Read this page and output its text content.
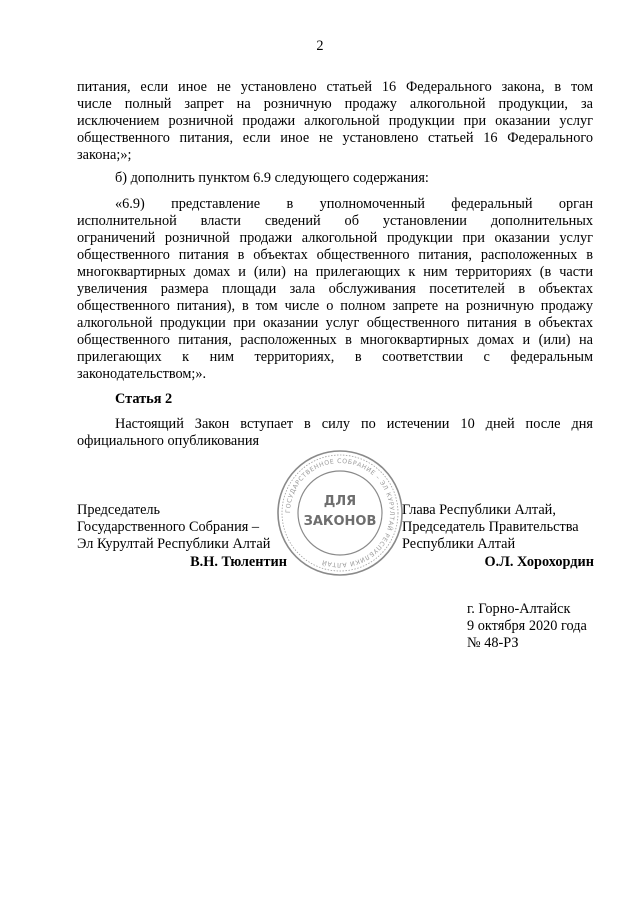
2
питания, если иное не установлено статьей 16 Федерального закона, в том
числе полный запрет на розничную продажу алкогольной продукции, за
исключением розничной продажи алкогольной продукции при оказании услуг
общественного питания, если иное не установлено статьей 16 Федерального
закона;»;
б) дополнить пунктом 6.9 следующего содержания:
«6.9) представление в уполномоченный федеральный орган
исполнительной власти сведений об установлении дополнительных
ограничений розничной продажи алкогольной продукции при оказании услуг
общественного питания в объектах общественного питания, расположенных в
многоквартирных домах и (или) на прилегающих к ним территориях (в части
увеличения размера площади зала обслуживания посетителей в объектах
общественного питания), в том числе о полном запрете на розничную продажу
алкогольной продукции при оказании услуг общественного питания в объектах
общественного питания, расположенных в многоквартирных домах и (или) на
прилегающих к ним территориях, в соответствии с федеральным
законодательством;».
Статья 2
Настоящий Закон вступает в силу по истечении 10 дней после дня
официального опубликования
ГОСУДАРСТВЕННОЕ СОБРАНИЕ – ЭЛ КУРУЛТАЙ РЕСПУБЛИКИ АЛТАЙ
ДЛЯ
ЗАКОНОВ
Председатель
Государственного Собрания –
Эл Курултай Республики Алтай
В.Н. Тюлентин
Глава Республики Алтай,
Председатель Правительства
Республики Алтай
О.Л. Хорохордин
г. Горно-Алтайск
9 октября 2020 года
№ 48-РЗ
